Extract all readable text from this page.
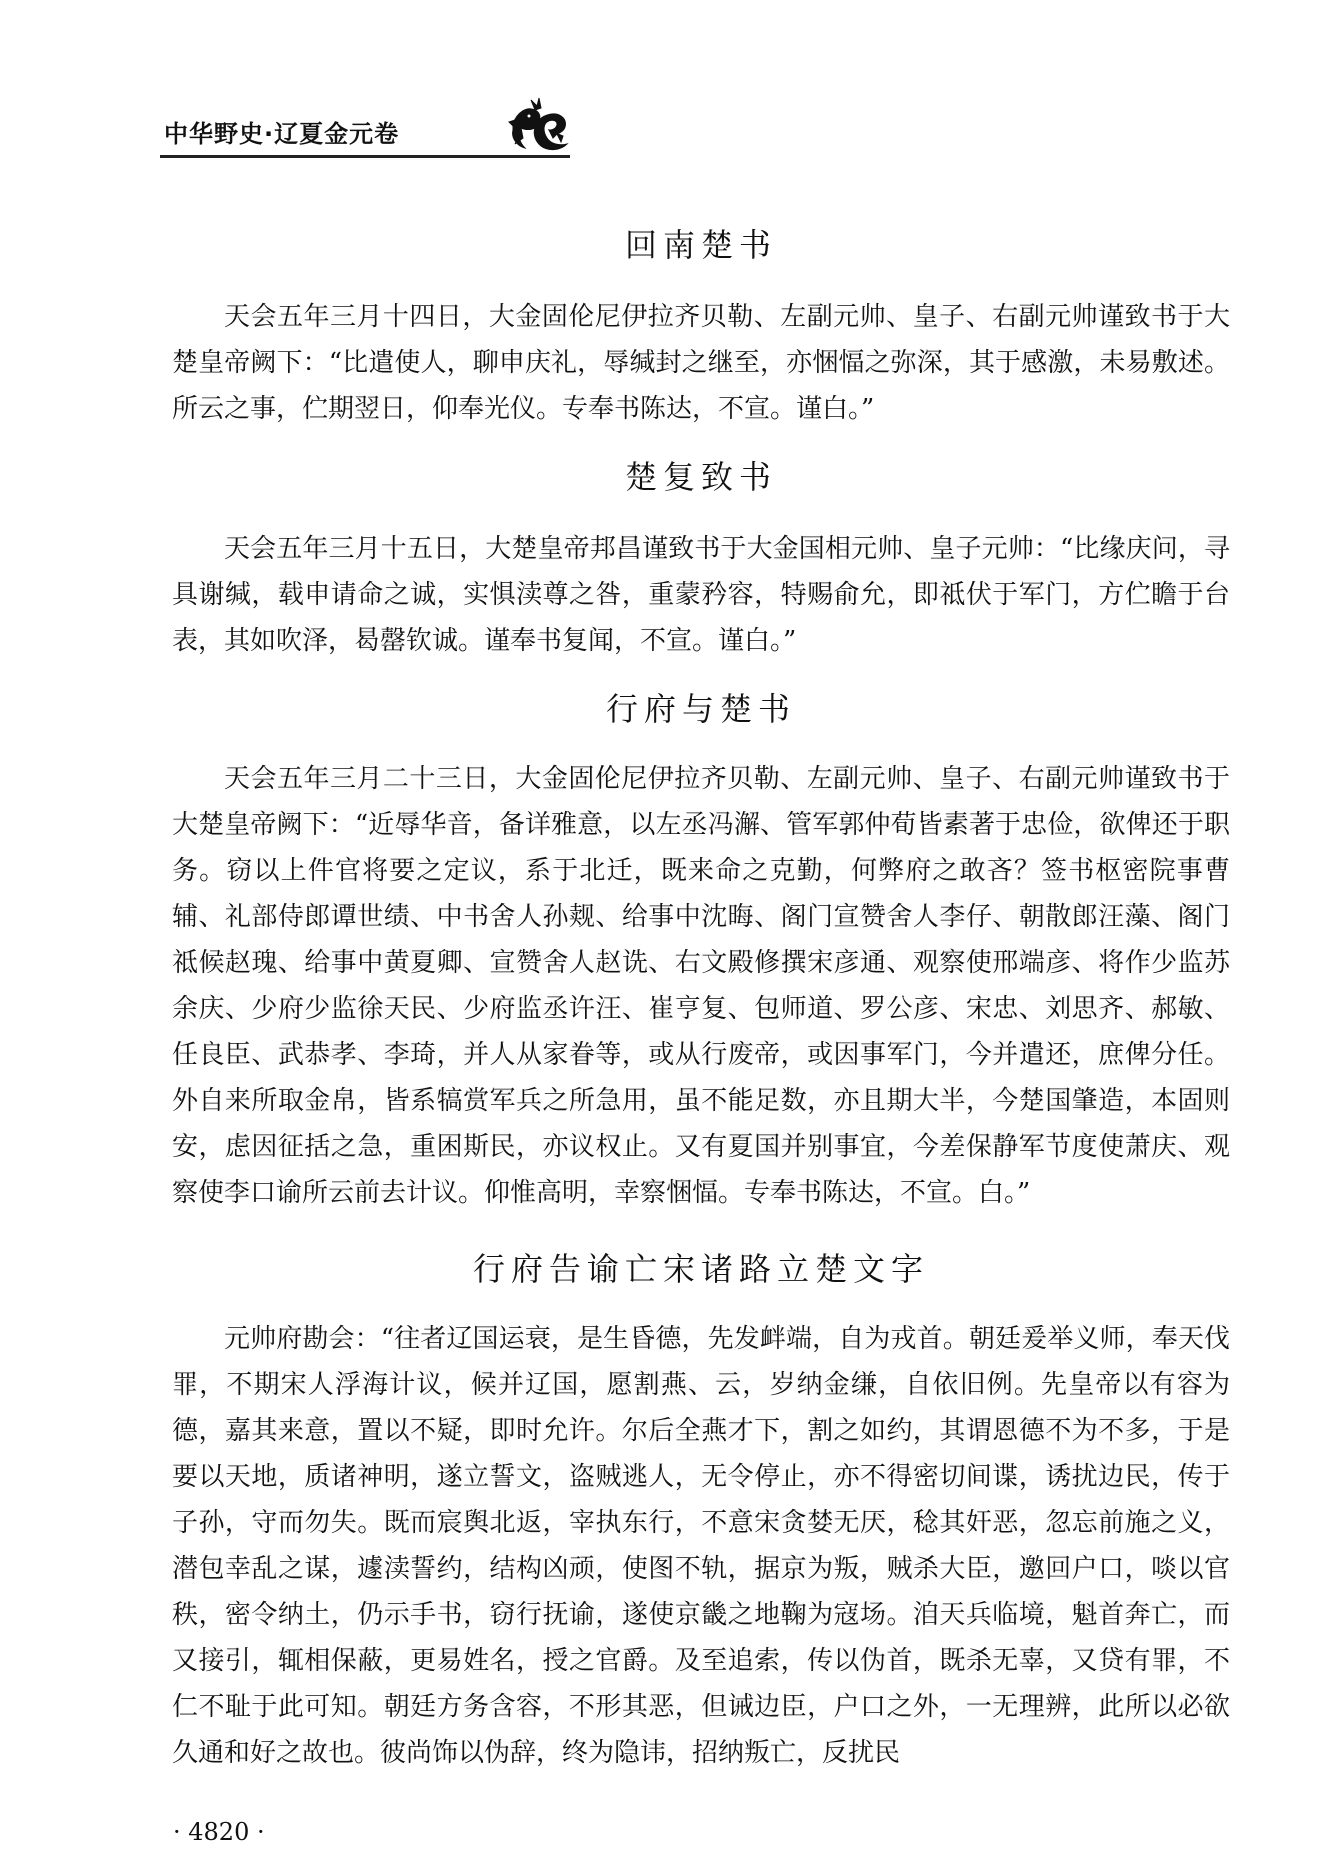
中华野史·辽夏金元卷
回南楚书

天会五年三月十四日，大金固伦尼伊拉齐贝勒、左副元帅、皇子、右副元帅谨致书于大楚皇帝阙下：“比遣使人，聊申庆礼，辱缄封之继至，亦悃愊之弥深，其于感激，未易敷述。所云之事，伫期翌日，仰奉光仪。专奉书陈达，不宣。谨白。”

楚复致书

天会五年三月十五日，大楚皇帝邦昌谨致书于大金国相元帅、皇子元帅：“比缘庆问，寻具谢缄，载申请命之诚，实惧渎尊之咎，重蒙矜容，特赐俞允，即祗伏于军门，方伫瞻于台表，其如吹泽，曷罄钦诚。谨奉书复闻，不宣。谨白。”

行府与楚书

天会五年三月二十三日，大金固伦尼伊拉齐贝勒、左副元帅、皇子、右副元帅谨致书于大楚皇帝阙下：“近辱华音，备详雅意，以左丞冯澥、管军郭仲荀皆素著于忠俭，欲俾还于职务。窃以上件官将要之定议，系于北迁，既来命之克勤，何弊府之敢吝？签书枢密院事曹辅、礼部侍郎谭世绩、中书舍人孙觌、给事中沈晦、阁门宣赞舍人李仔、朝散郎汪藻、阁门祗候赵瑰、给事中黄夏卿、宣赞舍人赵诜、右文殿修撰宋彦通、观察使邢端彦、将作少监苏余庆、少府少监徐天民、少府监丞许汪、崔亨复、包师道、罗公彦、宋忠、刘思齐、郝敏、任良臣、武恭孝、李琦，并人从家眷等，或从行废帝，或因事军门，今并遣还，庶俾分任。外自来所取金帛，皆系犒赏军兵之所急用，虽不能足数，亦且期大半，今楚国肇造，本固则安，虑因征括之急，重困斯民，亦议权止。又有夏国并别事宜，今差保静军节度使萧庆、观察使李口谕所云前去计议。仰惟高明，幸察悃愊。专奉书陈达，不宣。白。”

行府告谕亡宋诸路立楚文字

元帅府勘会：“往者辽国运衰，是生昏德，先发衅端，自为戎首。朝廷爰举义师，奉天伐罪，不期宋人浮海计议，候并辽国，愿割燕、云，岁纳金缣，自依旧例。先皇帝以有容为德，嘉其来意，置以不疑，即时允许。尔后全燕才下，割之如约，其谓恩德不为不多，于是要以天地，质诸神明，遂立誓文，盗贼逃人，无令停止，亦不得密切间谍，诱扰边民，传于子孙，守而勿失。既而宸舆北返，宰执东行，不意宋贪婪无厌，稔其奸恶，忽忘前施之义，潜包幸乱之谋，遽渎誓约，结构凶顽，使图不轨，据京为叛，贼杀大臣，邀回户口，啖以官秩，密令纳土，仍示手书，窃行抚谕，遂使京畿之地鞠为寇场。洎天兵临境，魁首奔亡，而又接引，辄相保蔽，更易姓名，授之官爵。及至追索，传以伪首，既杀无辜，又贷有罪，不仁不耻于此可知。朝廷方务含容，不形其恶，但诫边臣，户口之外，一无理辨，此所以必欲久通和好之故也。彼尚饰以伪辞，终为隐讳，招纳叛亡，反扰民

· 4820 ·
